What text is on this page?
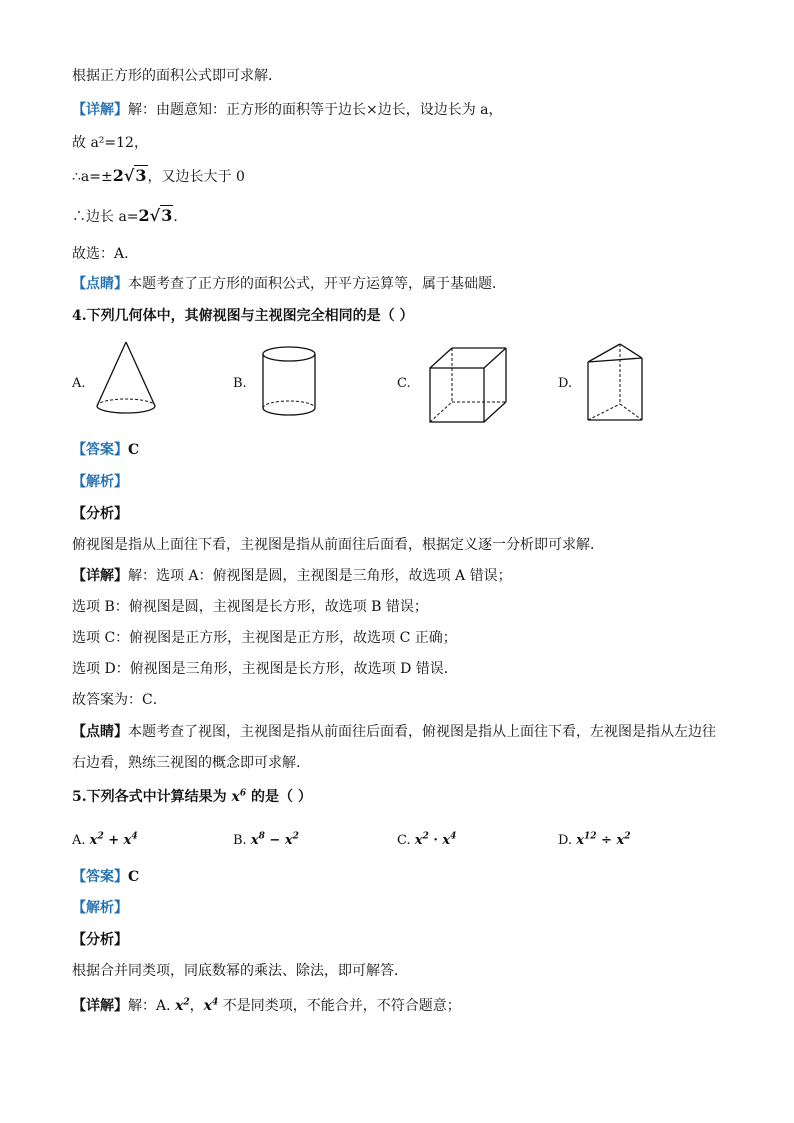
根据正方形的面积公式即可求解．
【详解】解：由题意知：正方形的面积等于边长×边长，设边长为 a，
故 a²=12，
∴a=±2√3，又边长大于 0
∴边长 a=2√3．
故选：A.
【点睛】本题考查了正方形的面积公式，开平方运算等，属于基础题．
4.下列几何体中，其俯视图与主视图完全相同的是（ ）
A.	B.	C.	D.
【答案】C
【解析】
【分析】
俯视图是指从上面往下看，主视图是指从前面往后面看，根据定义逐一分析即可求解．
【详解】解：选项 A：俯视图是圆，主视图是三角形，故选项 A 错误；
选项 B：俯视图是圆，主视图是长方形，故选项 B 错误；
选项 C：俯视图是正方形，主视图是正方形，故选项 C 正确；
选项 D：俯视图是三角形，主视图是长方形，故选项 D 错误．
故答案为：C．
【点睛】本题考查了视图，主视图是指从前面往后面看，俯视图是指从上面往下看，左视图是指从左边往
右边看，熟练三视图的概念即可求解.
5.下列各式中计算结果为 $x^6$ 的是（ ）
A. $x^2 + x^4$	B. $x^8 - x^2$	C. $x^2 \cdot x^4$	D. $x^{12} \div x^2$
【答案】C
【解析】
【分析】
根据合并同类项，同底数幂的乘法、除法，即可解答．
【详解】解：A. $x^2$，$x^4$ 不是同类项，不能合并，不符合题意；
